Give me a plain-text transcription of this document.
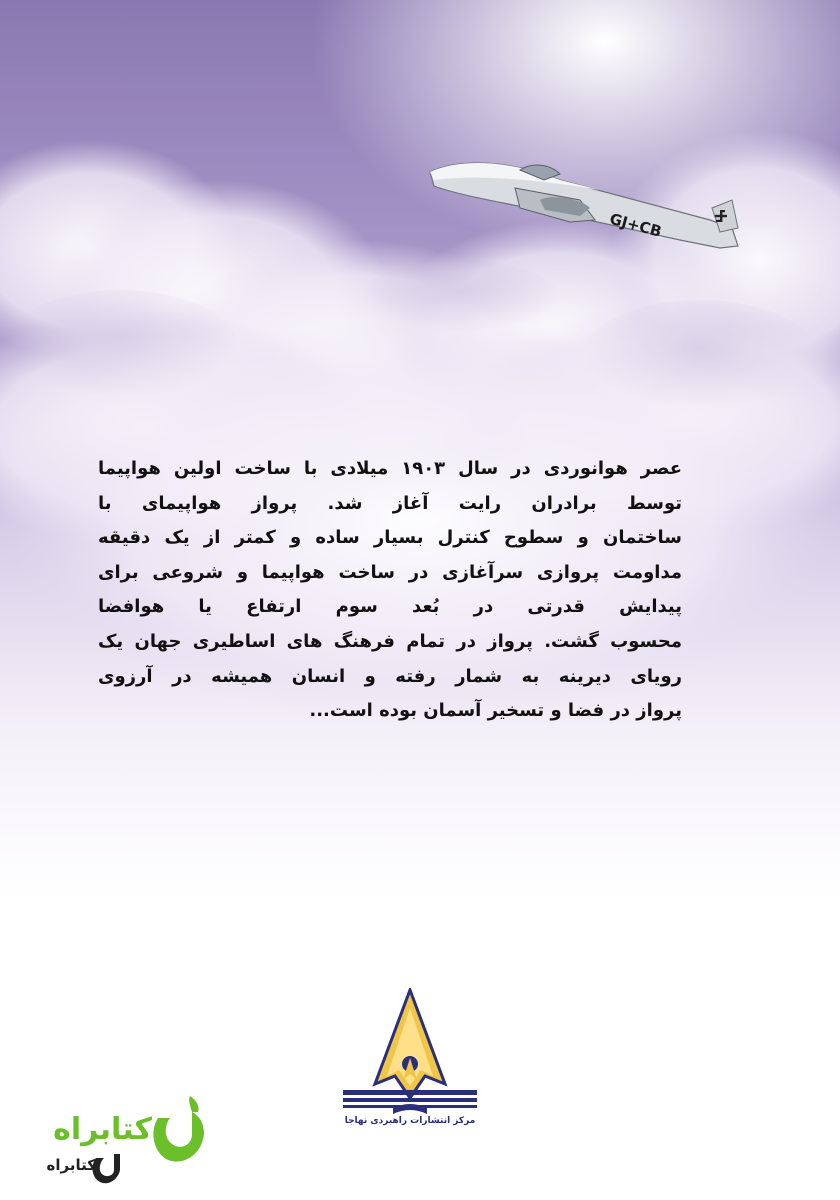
GJ+CB
عصر هوانوردی در سال ۱۹۰۳ میلادی با ساخت اولین هواپیما
توسط برادران رایت آغاز شد. پرواز هواپیمای با
ساختمان و سطوح کنترل بسیار ساده و کمتر از یک دقیقه
مداومت پروازی سرآغازی در ساخت هواپیما و شروعی برای
پیدایش قدرتی در بُعد سوم ارتفاع یا هوافضا
محسوب گشت. پرواز در تمام فرهنگ های اساطیری جهان یک
رویای دیرینه به شمار رفته و انسان همیشه در آرزوی
پرواز در فضا و تسخیر آسمان بوده است...
مرکز انتشارات راهبردی نهاجا
کتابراه
کتابراه
